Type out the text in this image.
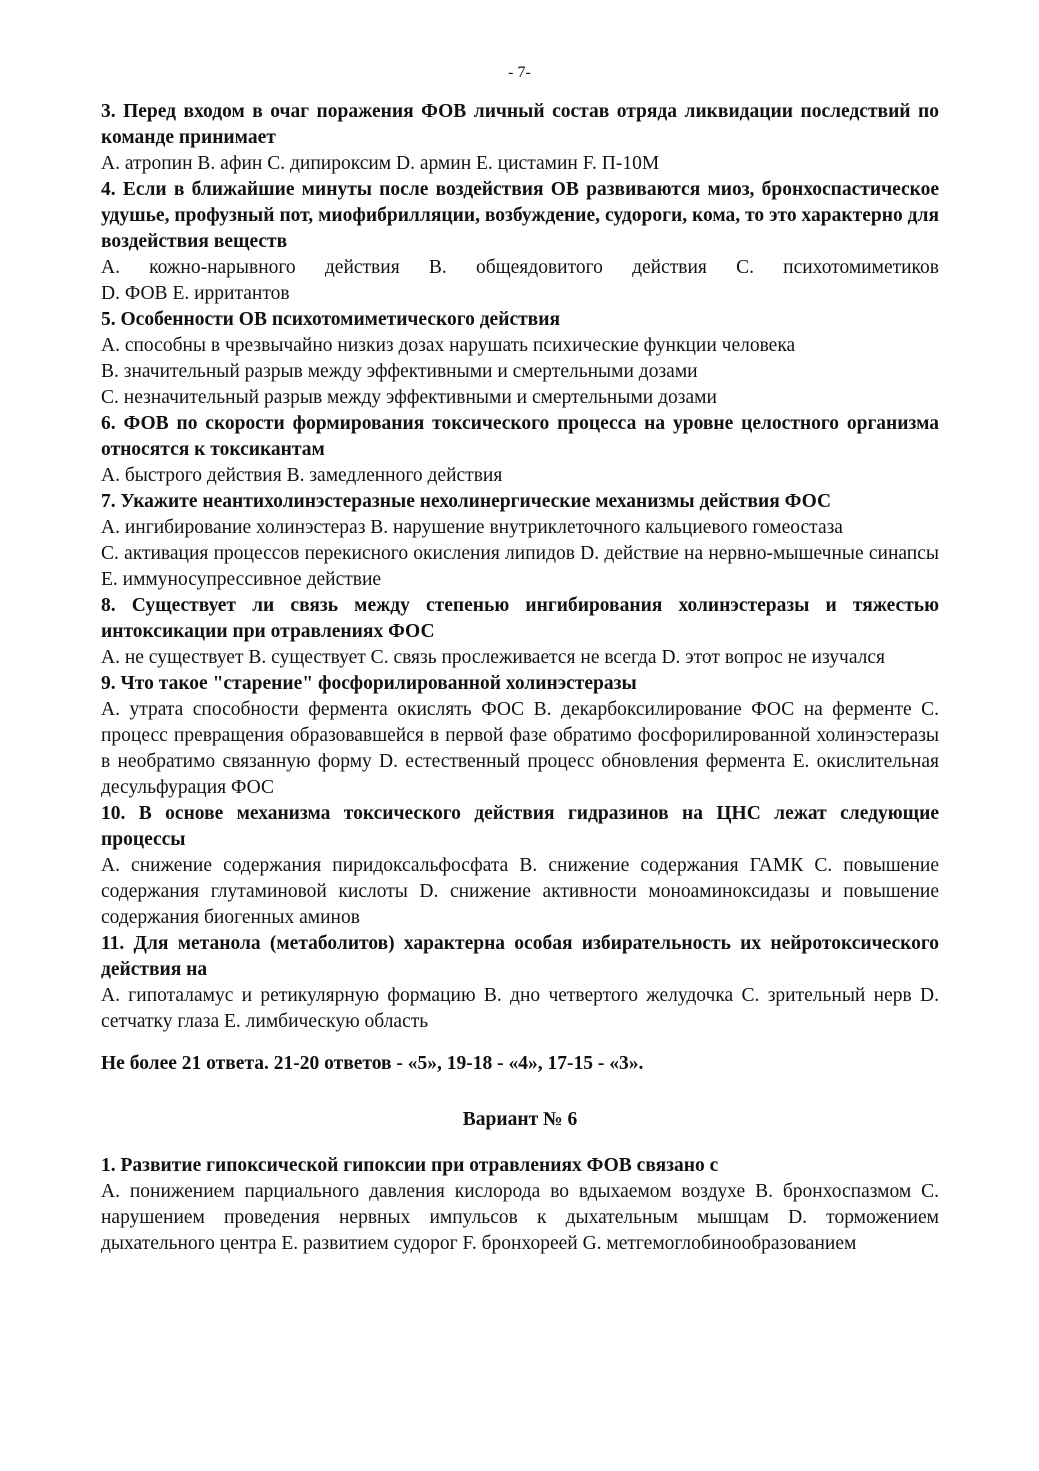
- 7-

3. Перед входом в очаг поражения ФОВ личный состав отряда ликвидации последствий по команде принимает

А. атропин В. афин С. дипироксим D. армин Е. цистамин F. П-10М

4. Если в ближайшие минуты после воздействия ОВ развиваются миоз, бронхоспастическое удушье, профузный пот, миофибрилляции, возбуждение, судороги, кома, то это характерно для воздействия веществ

А. кожно-нарывного действия В. общеядовитого действия С. психотомиметиков

D. ФОВ Е. ирритантов

5. Особенности ОВ психотомиметического действия

А. способны в чрезвычайно низкиз дозах нарушать психические функции человека

В. значительный разрыв между эффективными и смертельными дозами

С. незначительный разрыв между эффективными и смертельными дозами

6. ФОВ по скорости формирования токсического процесса на уровне целостного организма относятся к токсикантам

А. быстрого действия В. замедленного действия

7. Укажите неантихолинэстеразные нехолинергические механизмы действия ФОС

А. ингибирование холинэстераз В. нарушение внутриклеточного кальциевого гомеостаза

С. активация процессов перекисного окисления липидов D. действие на нервно-мышечные синапсы Е. иммуносупрессивное действие

8. Существует ли связь между степенью ингибирования холинэстеразы и тяжестью интоксикации при отравлениях ФОС

А. не существует В. существует С. связь прослеживается не всегда D. этот вопрос не изучался

9. Что такое "старение" фосфорилированной холинэстеразы

А. утрата способности фермента окислять ФОС В. декарбоксилирование ФОС на ферменте С. процесс превращения образовавшейся в первой фазе обратимо фосфорилированной холинэстеразы в необратимо связанную форму D. естественный процесс обновления фермента Е. окислительная десульфурация ФОС

10. В основе механизма токсического действия гидразинов на ЦНС лежат следующие процессы

А. снижение содержания пиридоксальфосфата В. снижение содержания ГАМК С. повышение содержания глутаминовой кислоты D. снижение активности моноаминоксидазы и повышение содержания биогенных аминов

11. Для метанола (метаболитов) характерна особая избирательность их нейротоксического действия на

А. гипоталамус и ретикулярную формацию В. дно четвертого желудочка С. зрительный нерв D. сетчатку глаза Е. лимбическую область

Не более 21 ответа. 21-20 ответов - «5», 19-18 - «4», 17-15 - «3».

Вариант № 6

1. Развитие гипоксической гипоксии при отравлениях ФОВ связано с

А. понижением парциального давления кислорода во вдыхаемом воздухе В. бронхоспазмом С. нарушением проведения нервных импульсов к дыхательным мышцам D. торможением дыхательного центра Е. развитием судорог F. бронхореей G. метгемоглобинообразованием
